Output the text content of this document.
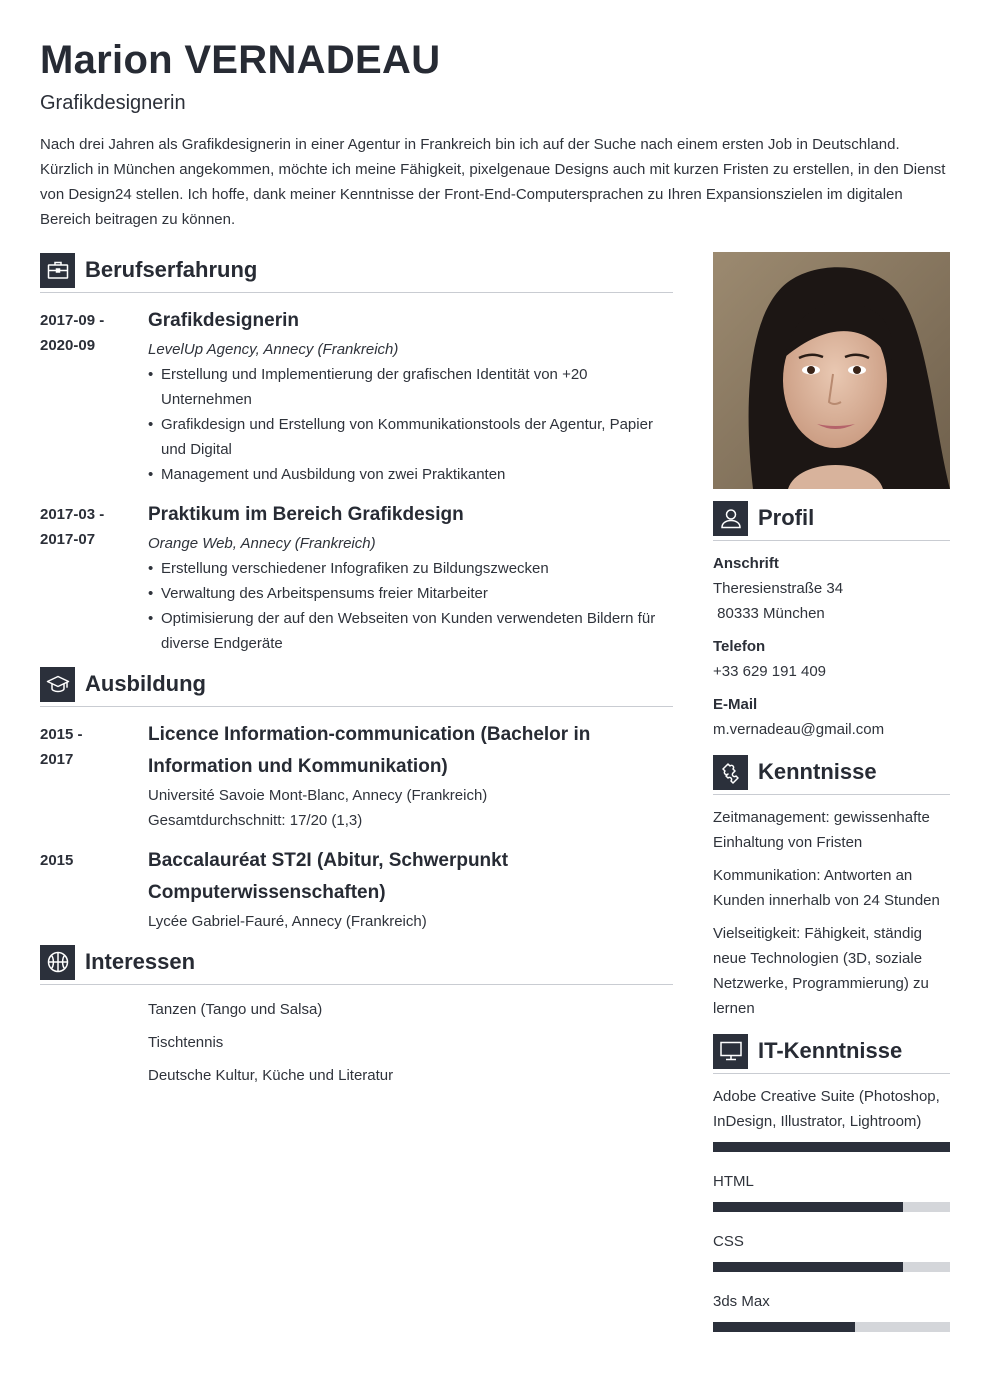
Marion VERNADEAU
Grafikdesignerin

Nach drei Jahren als Grafikdesignerin in einer Agentur in Frankreich bin ich auf der Suche nach einem ersten Job in Deutschland. Kürzlich in München angekommen, möchte ich meine Fähigkeit, pixelgenaue Designs auch mit kurzen Fristen zu erstellen, in den Dienst von Design24 stellen. Ich hoffe, dank meiner Kenntnisse der Front-End-Computersprachen zu Ihren Expansionszielen im digitalen Bereich beitragen zu können.

Berufserfahrung
2017-09 - 2020-09
Grafikdesignerin
LevelUp Agency, Annecy (Frankreich)
• Erstellung und Implementierung der grafischen Identität von +20 Unternehmen
• Grafikdesign und Erstellung von Kommunikationstools der Agentur, Papier und Digital
• Management und Ausbildung von zwei Praktikanten
2017-03 - 2017-07
Praktikum im Bereich Grafikdesign
Orange Web, Annecy (Frankreich)
• Erstellung verschiedener Infografiken zu Bildungszwecken
• Verwaltung des Arbeitspensums freier Mitarbeiter
• Optimisierung der auf den Webseiten von Kunden verwendeten Bildern für diverse Endgeräte
Ausbildung
2015 - 2017
Licence Information-communication (Bachelor in Information und Kommunikation)
Université Savoie Mont-Blanc, Annecy (Frankreich)
Gesamtdurchschnitt: 17/20 (1,3)
2015	Baccalauréat ST2I (Abitur, Schwerpunkt Computerwissenschaften)
Lycée Gabriel-Fauré, Annecy (Frankreich)
Interessen
Tanzen (Tango und Salsa)
Tischtennis
Deutsche Kultur, Küche und Literatur
Profil
Anschrift
Theresienstraße 34
80333 München
Telefon
+33 629 191 409
E-Mail
m.vernadeau@gmail.com
Kenntnisse
Zeitmanagement: gewissenhafte Einhaltung von Fristen
Kommunikation: Antworten an Kunden innerhalb von 24 Stunden
Vielseitigkeit: Fähigkeit, ständig neue Technologien (3D, soziale Netzwerke, Programmierung) zu lernen
IT-Kenntnisse
Adobe Creative Suite (Photoshop, InDesign, Illustrator, Lightroom)
HTML
CSS
3ds Max
